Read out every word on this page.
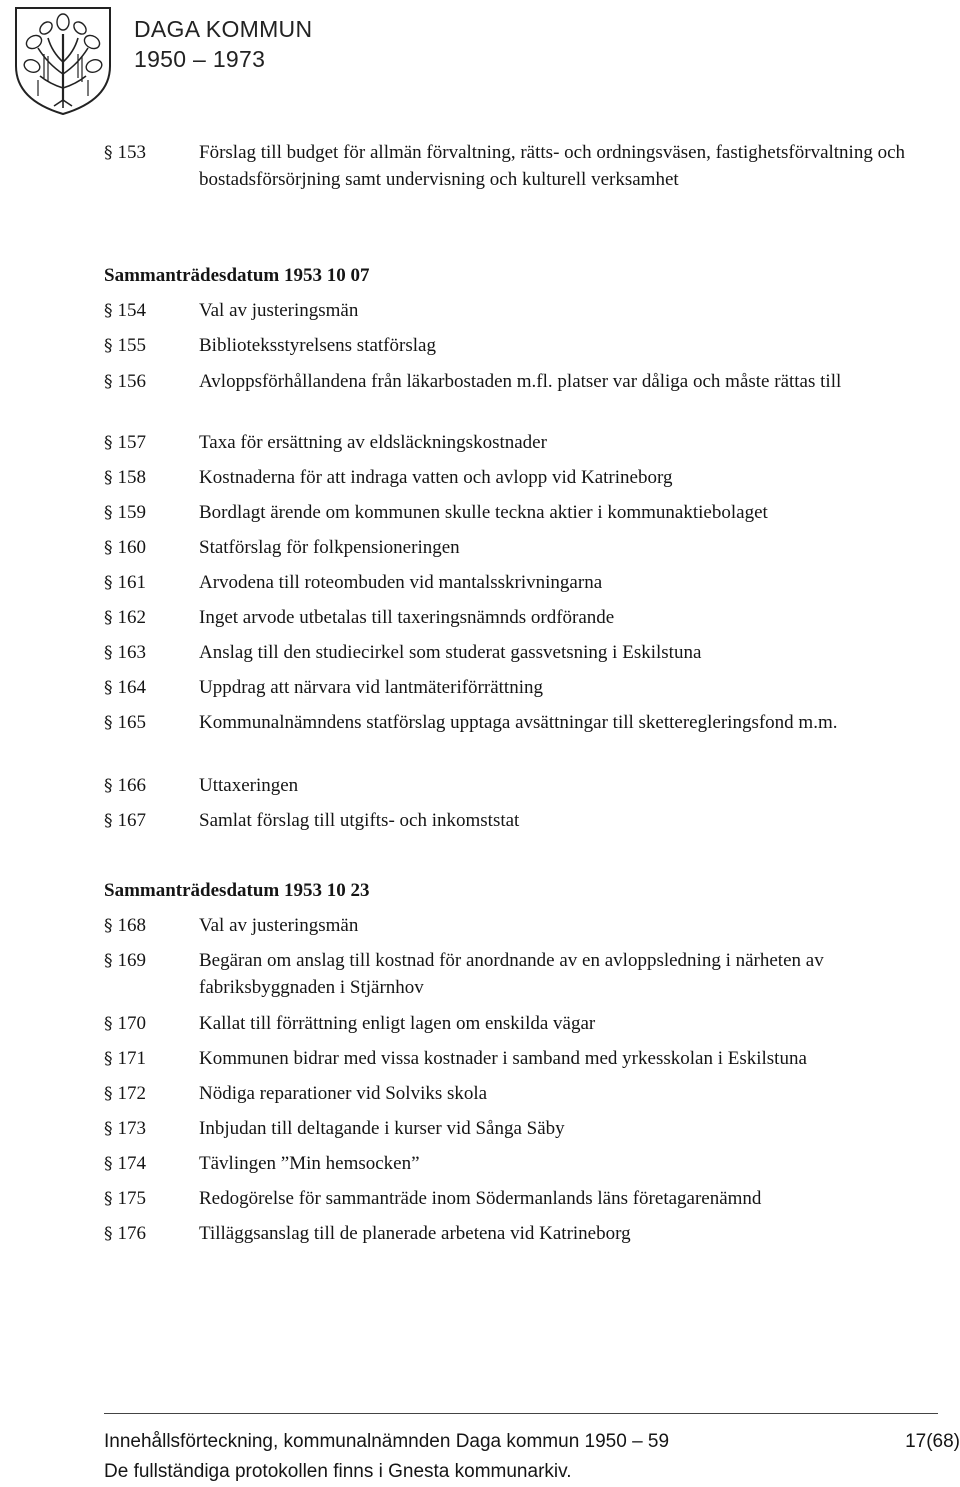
DAGA KOMMUN
1950 – 1973
§ 153	Förslag till budget för allmän förvaltning, rätts- och ordningsväsen, fastighetsförvaltning och bostadsförsörjning samt undervisning och kulturell verksamhet
Sammanträdesdatum 1953 10 07
§ 154	Val av justeringsmän
§ 155	Biblioteksstyrelsens statförslag
§ 156	Avloppsförhållandena från läkarbostaden m.fl. platser var dåliga och måste rättas till
§ 157	Taxa för ersättning av eldsläckningskostnader
§ 158	Kostnaderna för att indraga vatten och avlopp vid Katrineborg
§ 159	Bordlagt ärende om kommunen skulle teckna aktier i kommunaktiebolaget
§ 160	Statförslag för folkpensioneringen
§ 161	Arvodena till roteombuden vid mantalsskrivningarna
§ 162	Inget arvode utbetalas till taxeringsnämnds ordförande
§ 163	Anslag till den studiecirkel som studerat gassvetsning i Eskilstuna
§ 164	Uppdrag att närvara vid lantmäteriförrättning
§ 165	Kommunalnämndens statförslag upptaga avsättningar till sketteregleringsfond m.m.
§ 166	Uttaxeringen
§ 167	Samlat förslag till utgifts- och inkomststat
Sammanträdesdatum 1953 10 23
§ 168	Val av justeringsmän
§ 169	Begäran om anslag till kostnad för anordnande av en avloppsledning i närheten av fabriksbyggnaden i Stjärnhov
§ 170	Kallat till förrättning enligt lagen om enskilda vägar
§ 171	Kommunen bidrar med vissa kostnader i samband med yrkesskolan i Eskilstuna
§ 172	Nödiga reparationer vid Solviks skola
§ 173	Inbjudan till deltagande i kurser vid Sånga Säby
§ 174	Tävlingen ”Min hemsocken”
§ 175	Redogörelse för sammanträde inom Södermanlands läns företagarenämnd
§ 176	Tilläggsanslag till de planerade arbetena vid Katrineborg
Innehållsförteckning, kommunalnämnden Daga kommun 1950 – 59	17(68)
De fullständiga protokollen finns i Gnesta kommunarkiv.
